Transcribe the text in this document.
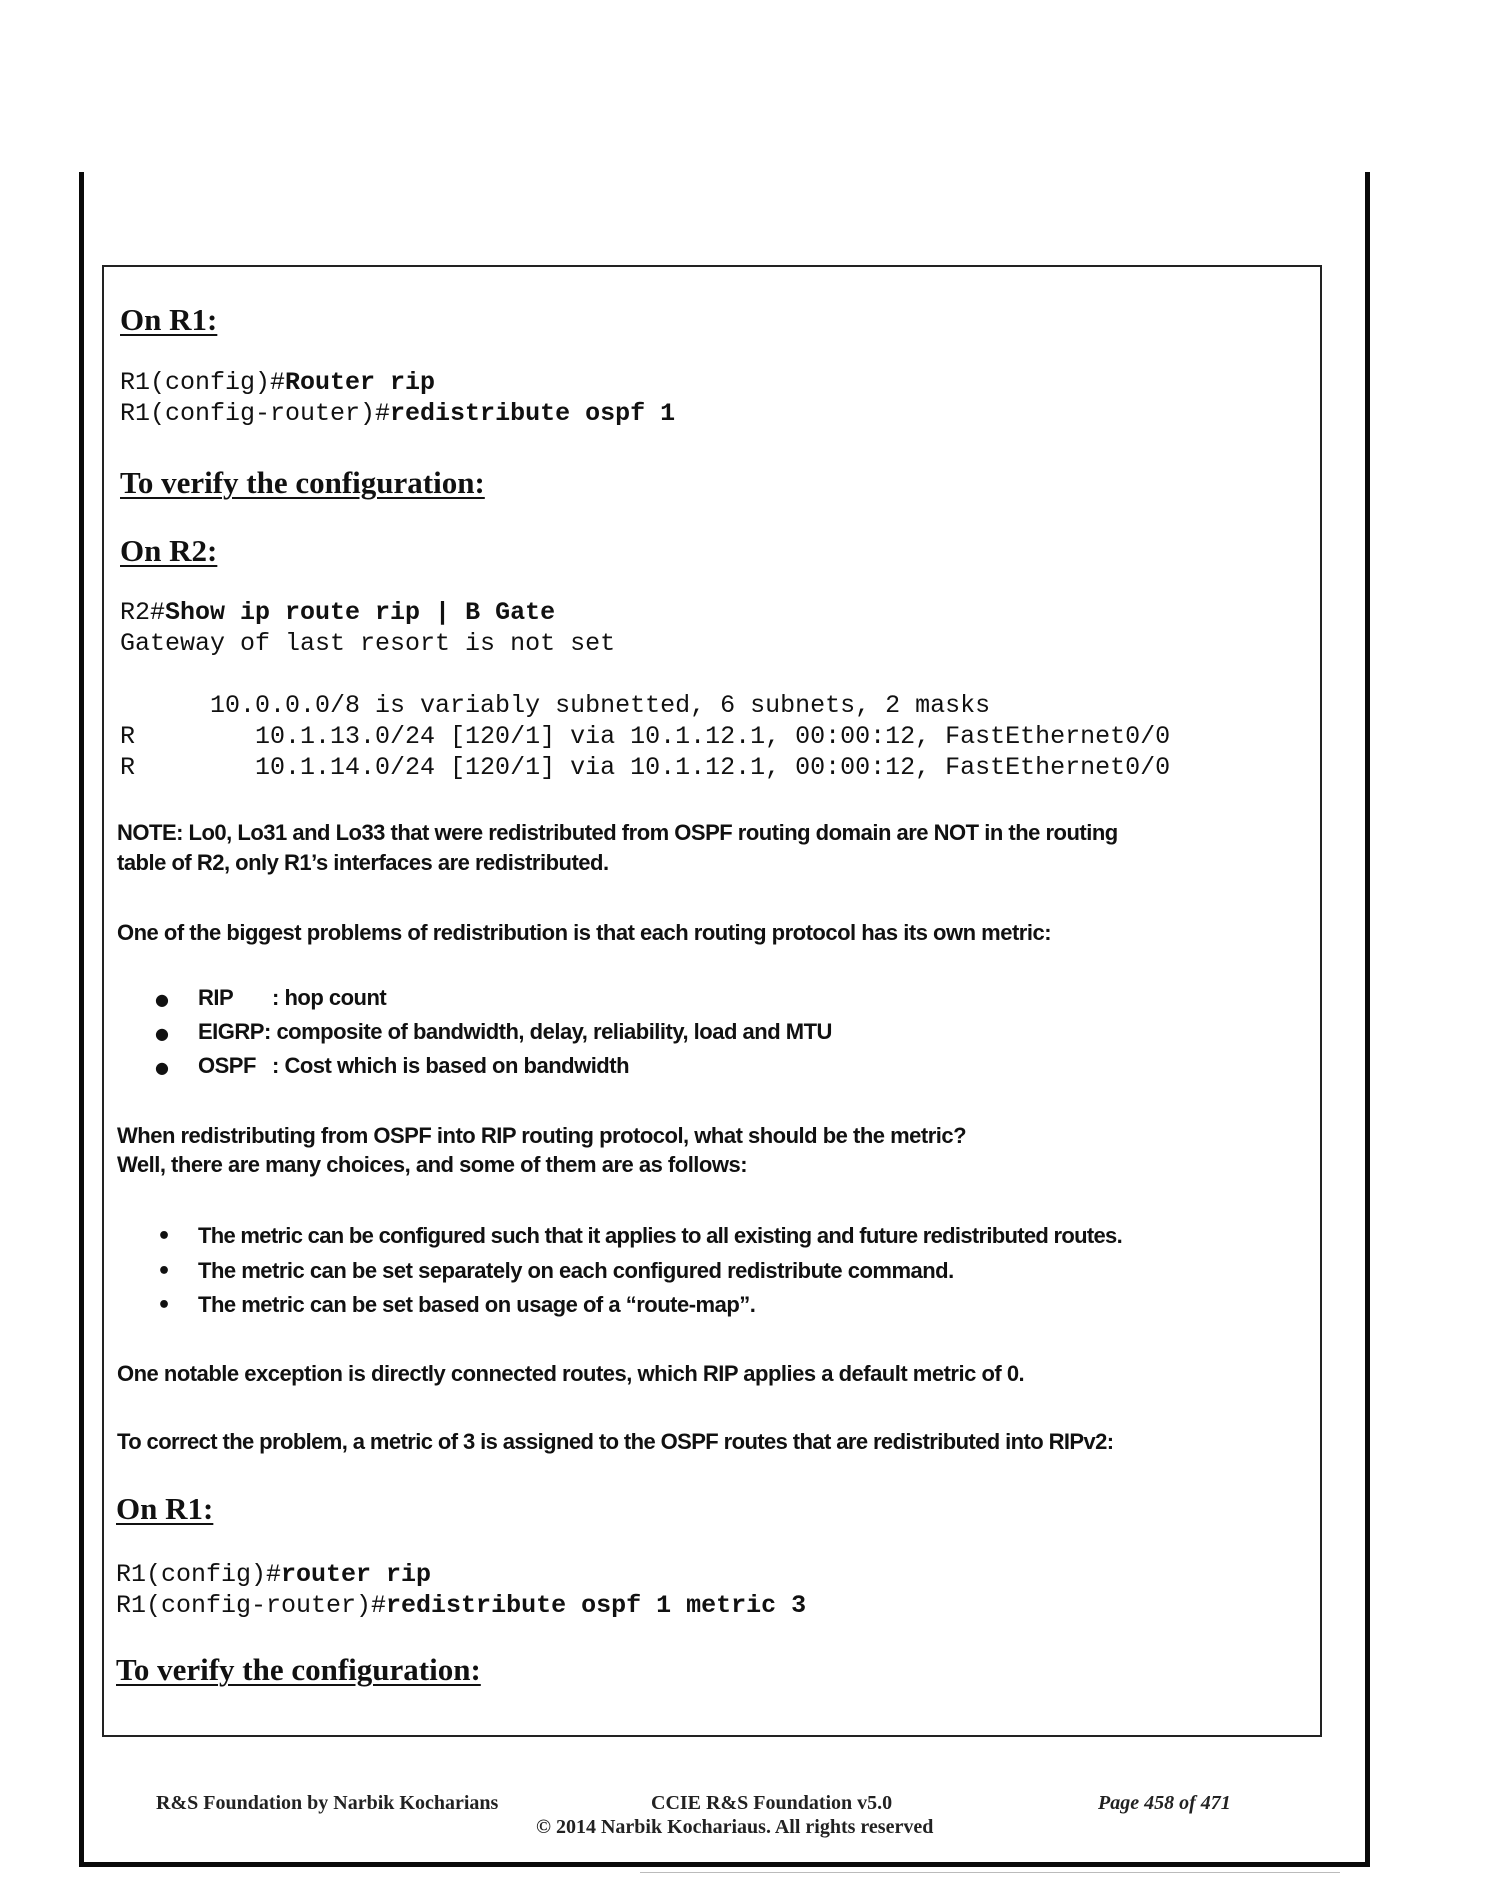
On R1:
R1(config)#Router rip
R1(config-router)#redistribute ospf 1
To verify the configuration:
On R2:
R2#Show ip route rip | B Gate
Gateway of last resort is not set
10.0.0.0/8 is variably subnetted, 6 subnets, 2 masks
R        10.1.13.0/24 [120/1] via 10.1.12.1, 00:00:12, FastEthernet0/0
R        10.1.14.0/24 [120/1] via 10.1.12.1, 00:00:12, FastEthernet0/0
NOTE: Lo0, Lo31 and Lo33 that were redistributed from OSPF routing domain are NOT in the routing
table of R2, only R1’s interfaces are redistributed.
One of the biggest problems of redistribution is that each routing protocol has its own metric:
● RIP : hop count
● EIGRP : composite of bandwidth, delay, reliability, load and MTU
● OSPF : Cost which is based on bandwidth
When redistributing from OSPF into RIP routing protocol, what should be the metric?
Well, there are many choices, and some of them are as follows:
• The metric can be configured such that it applies to all existing and future redistributed routes.
• The metric can be set separately on each configured redistribute command.
• The metric can be set based on usage of a “route-map”.
One notable exception is directly connected routes, which RIP applies a default metric of 0.
To correct the problem, a metric of 3 is assigned to the OSPF routes that are redistributed into RIPv2:
On R1:
R1(config)#router rip
R1(config-router)#redistribute ospf 1 metric 3
To verify the configuration:
R&S Foundation by Narbik Kocharians	CCIE R&S Foundation v5.0	Page 458 of 471
© 2014 Narbik Kochariaus. All rights reserved
